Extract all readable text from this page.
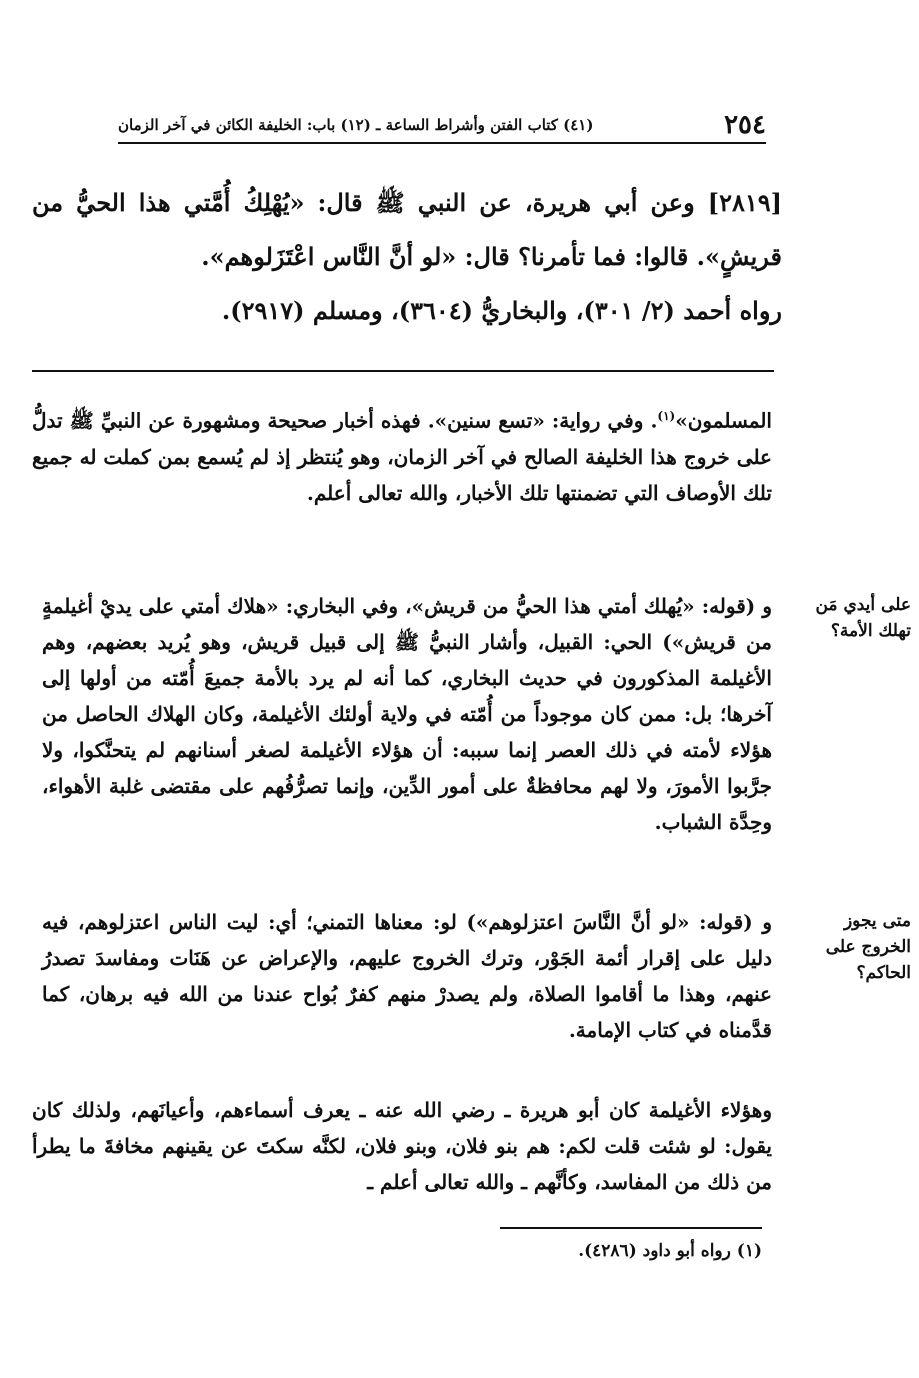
٢٥٤
(٤١) كتاب الفتن وأشراط الساعة ـ (١٢) باب: الخليفة الكائن في آخر الزمان

[٢٨١٩] وعن أبي هريرة، عن النبي ﷺ قال: «يُهْلِكُ أُمَّتي هذا الحيُّ من قريشٍ». قالوا: فما تأمرنا؟ قال: «لو أنَّ النَّاس اعْتَزَلوهم».

رواه أحمد (٢/ ٣٠١)، والبخاريُّ (٣٦٠٤)، ومسلم (٢٩١٧).

المسلمون»$^{(١)}$. وفي رواية: «تسع سنين». فهذه أخبار صحيحة ومشهورة عن النبيِّ ﷺ تدلُّ على خروج هذا الخليفة الصالح في آخر الزمان، وهو يُنتظر إذ لم يُسمع بمن كملت له جميع تلك الأوصاف التي تضمنتها تلك الأخبار، والله تعالى أعلم.

على أيدي مَن تهلك الأمة؟

و (قوله: «يُهلك أمتي هذا الحيُّ من قريش»، وفي البخاري: «هلاك أمتي على يديْ أغيلمةٍ من قريش») الحي: القبيل، وأشار النبيُّ ﷺ إلى قبيل قريش، وهو يُريد بعضهم، وهم الأغيلمة المذكورون في حديث البخاري، كما أنه لم يرد بالأمة جميعَ أُمّته من أولها إلى آخرها؛ بل: ممن كان موجوداً من أُمّته في ولاية أولئك الأغيلمة، وكان الهلاك الحاصل من هؤلاء لأمته في ذلك العصر إنما سببه: أن هؤلاء الأغيلمة لصغر أسنانهم لم يتحنَّكوا، ولا جرَّبوا الأمورَ، ولا لهم محافظةٌ على أمور الدِّين، وإنما تصرُّفُهم على مقتضى غلبة الأهواء، وحِدَّة الشباب.

متى يجوز الخروج على الحاكم؟

و (قوله: «لو أنَّ النَّاسَ اعتزلوهم») لو: معناها التمني؛ أي: ليت الناس اعتزلوهم، فيه دليل على إقرار أئمة الجَوْر، وترك الخروج عليهم، والإعراض عن هَنَات ومفاسدَ تصدرُ عنهم، وهذا ما أقاموا الصلاة، ولم يصدرْ منهم كفرٌ بُواح عندنا من الله فيه برهان، كما قدَّمناه في كتاب الإمامة.

وهؤلاء الأغيلمة كان أبو هريرة ـ رضي الله عنه ـ يعرف أسماءهم، وأعيانَهم، ولذلك كان يقول: لو شئت قلت لكم: هم بنو فلان، وبنو فلان، لكنَّه سكتَ عن يقينهم مخافةَ ما يطرأ من ذلك من المفاسد، وكأنَّهم ـ والله تعالى أعلم ـ

(١) رواه أبو داود (٤٢٨٦).
